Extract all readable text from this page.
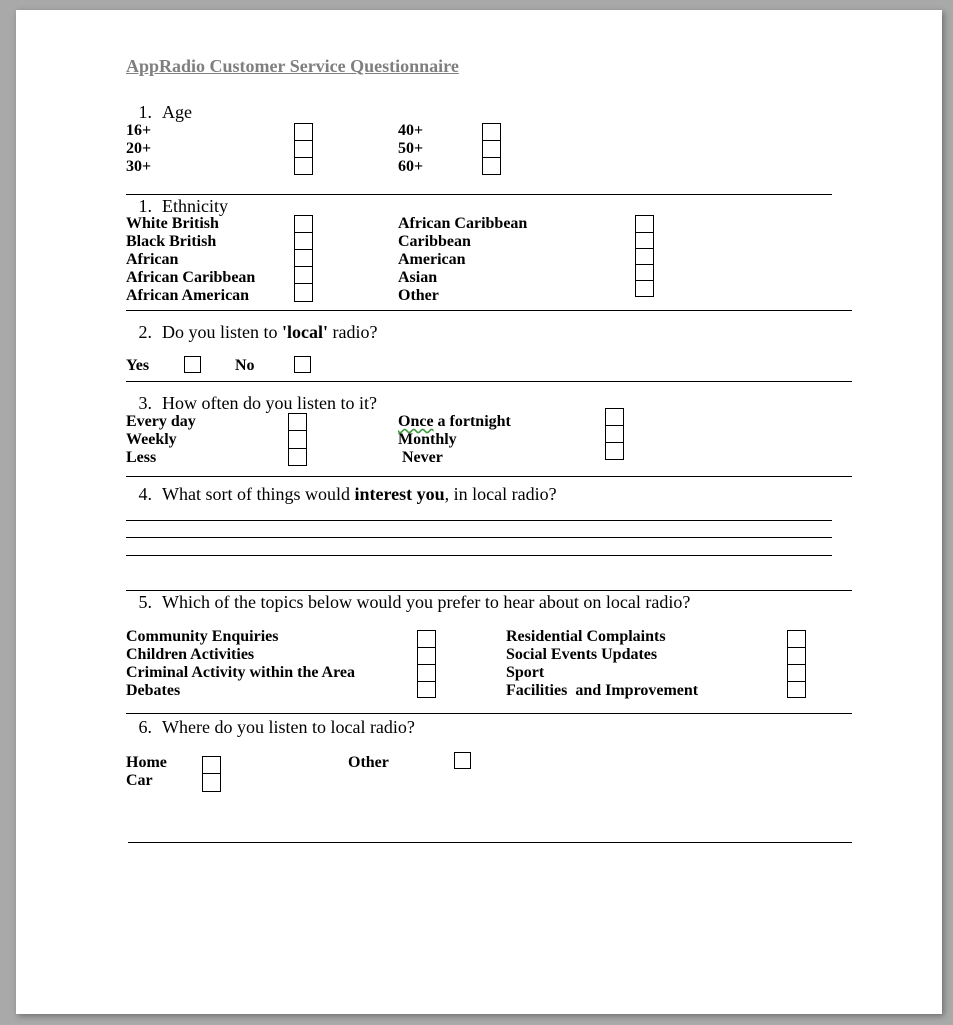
AppRadio Customer Service Questionnaire
1. Age
16+
20+
30+
40+
50+
60+
1. Ethnicity
White British
Black British
African
African Caribbean
African American
African Caribbean
Caribbean
American
Asian
Other
2. Do you listen to 'local' radio?
Yes	No
3. How often do you listen to it?
Every day
Weekly
Less
Once a fortnight
Monthly
Never
4. What sort of things would interest you, in local radio?
5. Which of the topics below would you prefer to hear about on local radio?
Community Enquiries
Children Activities
Criminal Activity within the Area
Debates
Residential Complaints
Social Events Updates
Sport
Facilities  and Improvement
6. Where do you listen to local radio?
Home
Car
Other
